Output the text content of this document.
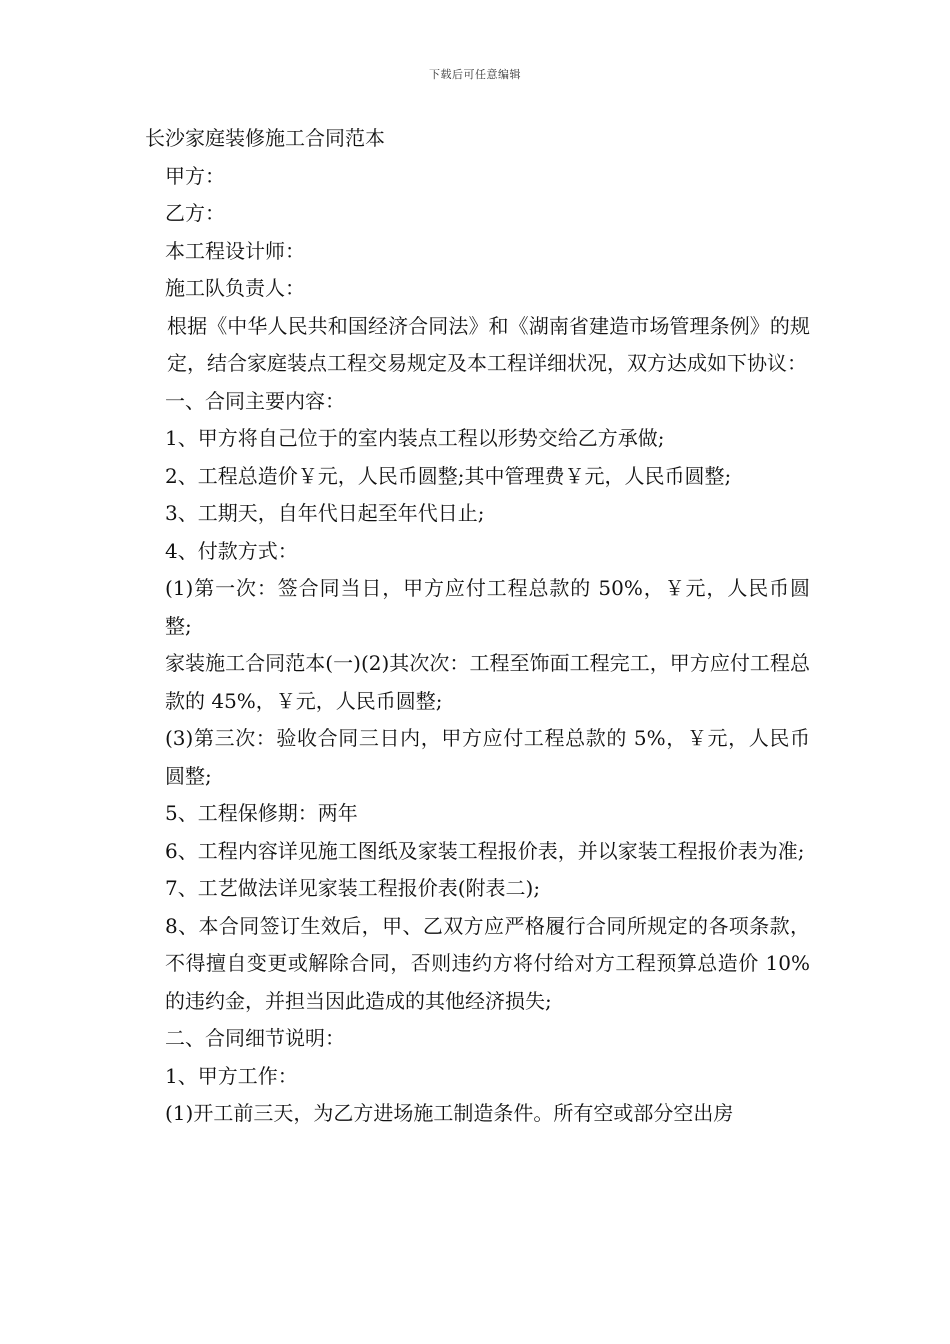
下载后可任意编辑

长沙家庭装修施工合同范本

甲方：

乙方：

本工程设计师：

施工队负责人：

根据《中华人民共和国经济合同法》和《湖南省建造市场管理条例》的规定，结合家庭装点工程交易规定及本工程详细状况，双方达成如下协议：

一、合同主要内容：

1、甲方将自己位于的室内装点工程以形势交给乙方承做;

2、工程总造价￥元，人民币圆整;其中管理费￥元，人民币圆整;

3、工期天，自年代日起至年代日止;

4、付款方式：

(1)第一次：签合同当日，甲方应付工程总款的 50%，￥元，人民币圆整;

家装施工合同范本(一)(2)其次次：工程至饰面工程完工，甲方应付工程总款的 45%，￥元，人民币圆整;

(3)第三次：验收合同三日内，甲方应付工程总款的 5%，￥元，人民币圆整;

5、工程保修期：两年

6、工程内容详见施工图纸及家装工程报价表，并以家装工程报价表为准;

7、工艺做法详见家装工程报价表(附表二);

8、本合同签订生效后，甲、乙双方应严格履行合同所规定的各项条款，不得擅自变更或解除合同，否则违约方将付给对方工程预算总造价 10%的违约金，并担当因此造成的其他经济损失;

二、合同细节说明：

1、甲方工作：

(1)开工前三天，为乙方进场施工制造条件。所有空或部分空出房
